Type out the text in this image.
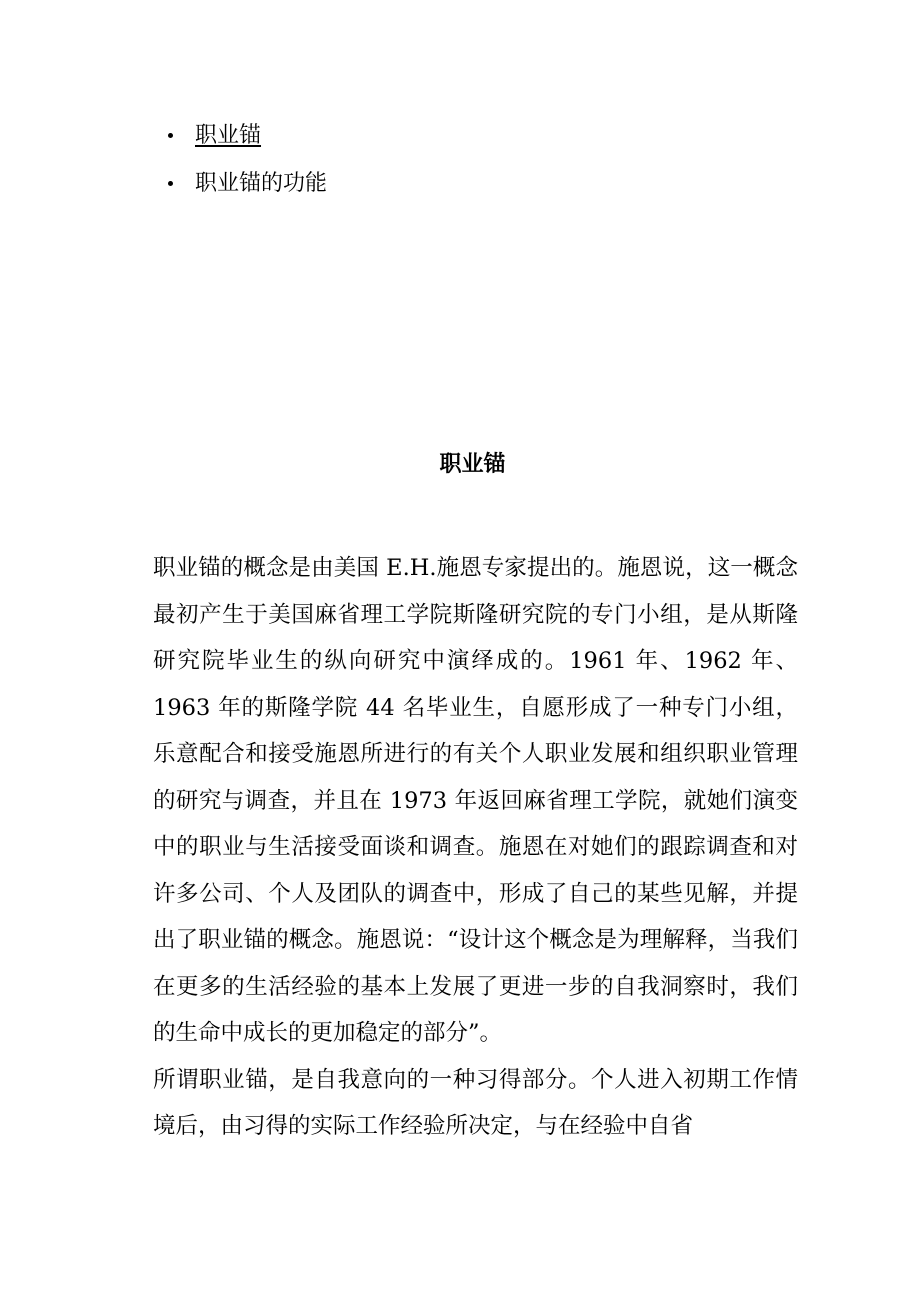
职业锚
职业锚的功能
职业锚

职业锚的概念是由美国 E.H.施恩专家提出的。施恩说，这一概念最初产生于美国麻省理工学院斯隆研究院的专门小组，是从斯隆研究院毕业生的纵向研究中演绎成的。1961 年、1962 年、1963 年的斯隆学院 44 名毕业生，自愿形成了一种专门小组，乐意配合和接受施恩所进行的有关个人职业发展和组织职业管理的研究与调查，并且在 1973 年返回麻省理工学院，就她们演变中的职业与生活接受面谈和调查。施恩在对她们的跟踪调查和对许多公司、个人及团队的调查中，形成了自己的某些见解，并提出了职业锚的概念。施恩说：“设计这个概念是为理解释，当我们在更多的生活经验的基本上发展了更进一步的自我洞察时，我们的生命中成长的更加稳定的部分”。

所谓职业锚，是自我意向的一种习得部分。个人进入初期工作情境后，由习得的实际工作经验所决定，与在经验中自省
